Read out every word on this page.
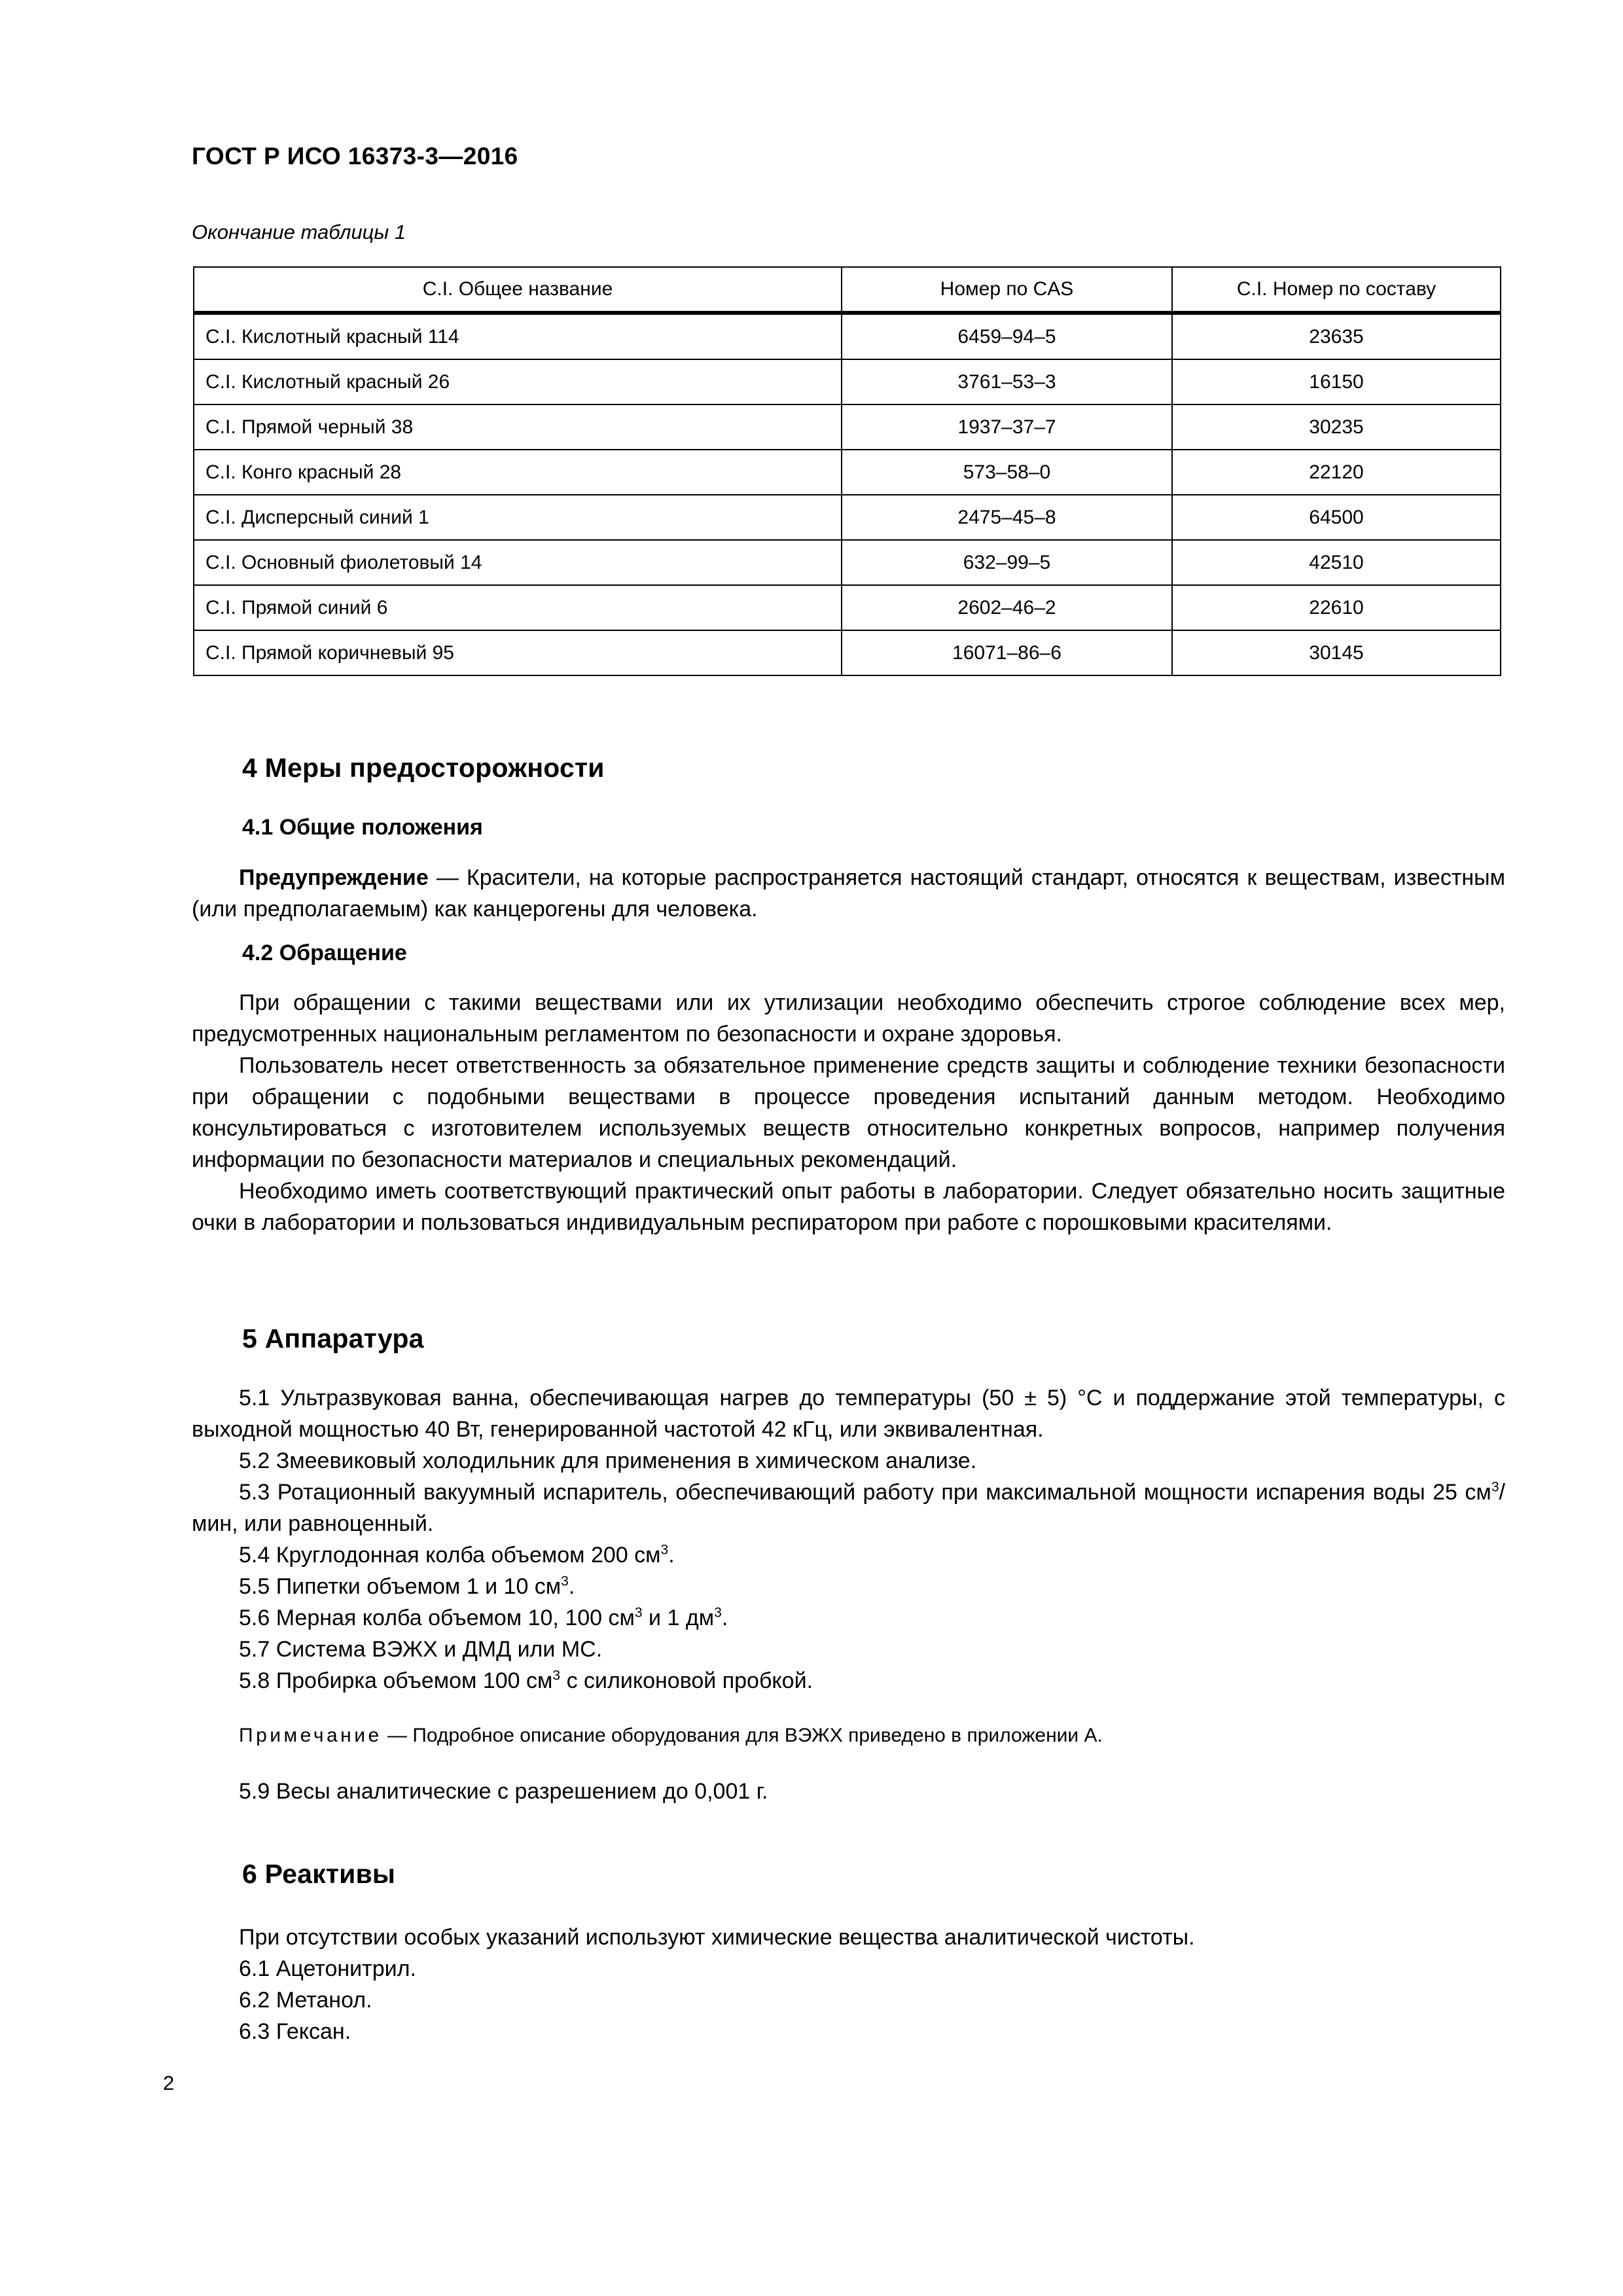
ГОСТ Р ИСО 16373-3—2016
Окончание таблицы 1
C.I. Общее название	Номер по CAS	C.I. Номер по составу
C.I. Кислотный красный 114	6459–94–5	23635
C.I. Кислотный красный 26	3761–53–3	16150
C.I. Прямой черный 38	1937–37–7	30235
C.I. Конго красный 28	573–58–0	22120
C.I. Дисперсный синий 1	2475–45–8	64500
C.I. Основный фиолетовый 14	632–99–5	42510
C.I. Прямой синий 6	2602–46–2	22610
C.I. Прямой коричневый 95	16071–86–6	30145
4 Меры предосторожности
4.1 Общие положения
Предупреждение — Красители, на которые распространяется настоящий стандарт, относятся к веществам, известным (или предполагаемым) как канцерогены для человека.
4.2 Обращение
При обращении с такими веществами или их утилизации необходимо обеспечить строгое соблюдение всех мер, предусмотренных национальным регламентом по безопасности и охране здоровья.
Пользователь несет ответственность за обязательное применение средств защиты и соблюдение техники безопасности при обращении с подобными веществами в процессе проведения испытаний данным методом. Необходимо консультироваться с изготовителем используемых веществ относительно конкретных вопросов, например получения информации по безопасности материалов и специальных рекомендаций.
Необходимо иметь соответствующий практический опыт работы в лаборатории. Следует обязательно носить защитные очки в лаборатории и пользоваться индивидуальным респиратором при работе с порошковыми красителями.
5 Аппаратура
5.1 Ультразвуковая ванна, обеспечивающая нагрев до температуры (50 ± 5) °C и поддержание этой температуры, с выходной мощностью 40 Вт, генерированной частотой 42 кГц, или эквивалентная.
5.2 Змеевиковый холодильник для применения в химическом анализе.
5.3 Ротационный вакуумный испаритель, обеспечивающий работу при максимальной мощности испарения воды 25 $см^3$/мин, или равноценный.
5.4 Круглодонная колба объемом 200 $см^3$.
5.5 Пипетки объемом 1 и 10 $см^3$.
5.6 Мерная колба объемом 10, 100 $см^3$ и 1 $дм^3$.
5.7 Система ВЭЖХ и ДМД или МС.
5.8 Пробирка объемом 100 $см^3$ с силиконовой пробкой.
Примечание — Подробное описание оборудования для ВЭЖХ приведено в приложении А.
5.9 Весы аналитические с разрешением до 0,001 г.
6 Реактивы
При отсутствии особых указаний используют химические вещества аналитической чистоты.
6.1 Ацетонитрил.
6.2 Метанол.
6.3 Гексан.
2
